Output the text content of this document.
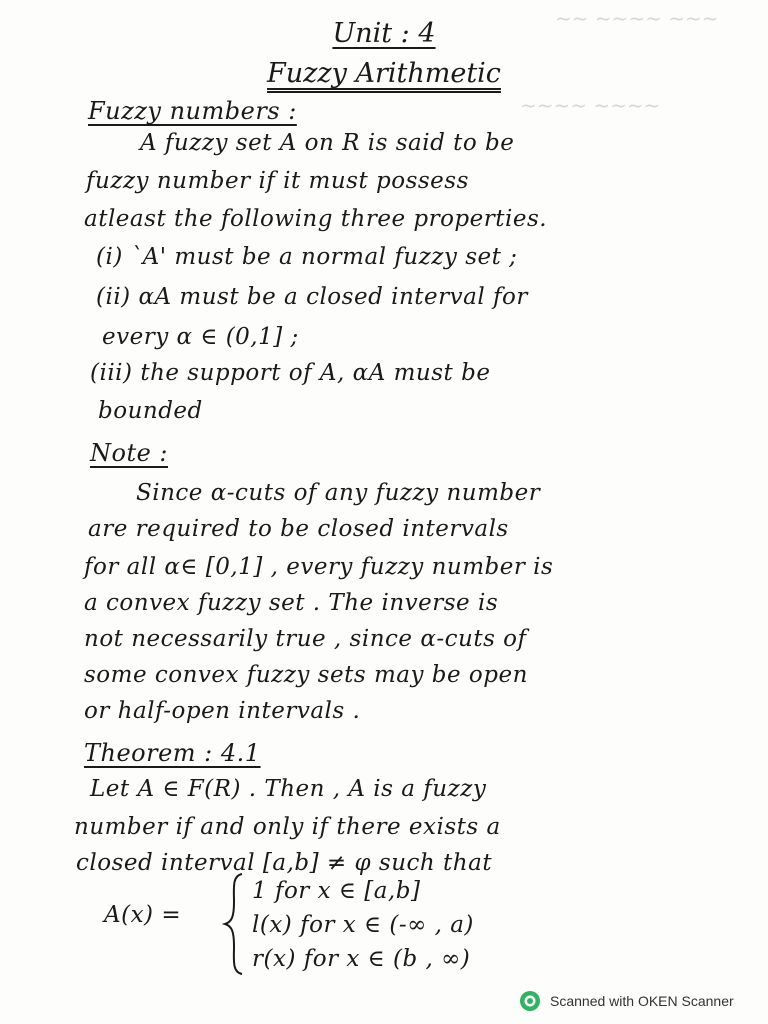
~~~ ~~~~ ~~
~~~~ ~~~~
Unit : 4
Fuzzy Arithmetic
Fuzzy numbers :
A fuzzy set A on R is said to be
fuzzy number if it must possess
atleast the following three properties.
(i) `A' must be a normal fuzzy set ;
(ii) αA must be a closed interval for
every α ∈ (0,1] ;
(iii) the support of A, αA must be
bounded
Note :
Since α-cuts of any fuzzy number
are required to be closed intervals
for all α∈ [0,1] , every fuzzy number is
a convex fuzzy set . The inverse is
not necessarily true , since α-cuts of
some convex fuzzy sets may be open
or half-open intervals .
Theorem : 4.1
Let A ∈ F(R) . Then , A is a fuzzy
number if and only if there exists a
closed interval [a,b] ≠ φ such that
A(x) =
1 for x ∈ [a,b]
l(x) for x ∈ (-∞ , a)
r(x) for x ∈ (b , ∞)
Scanned with OKEN Scanner
